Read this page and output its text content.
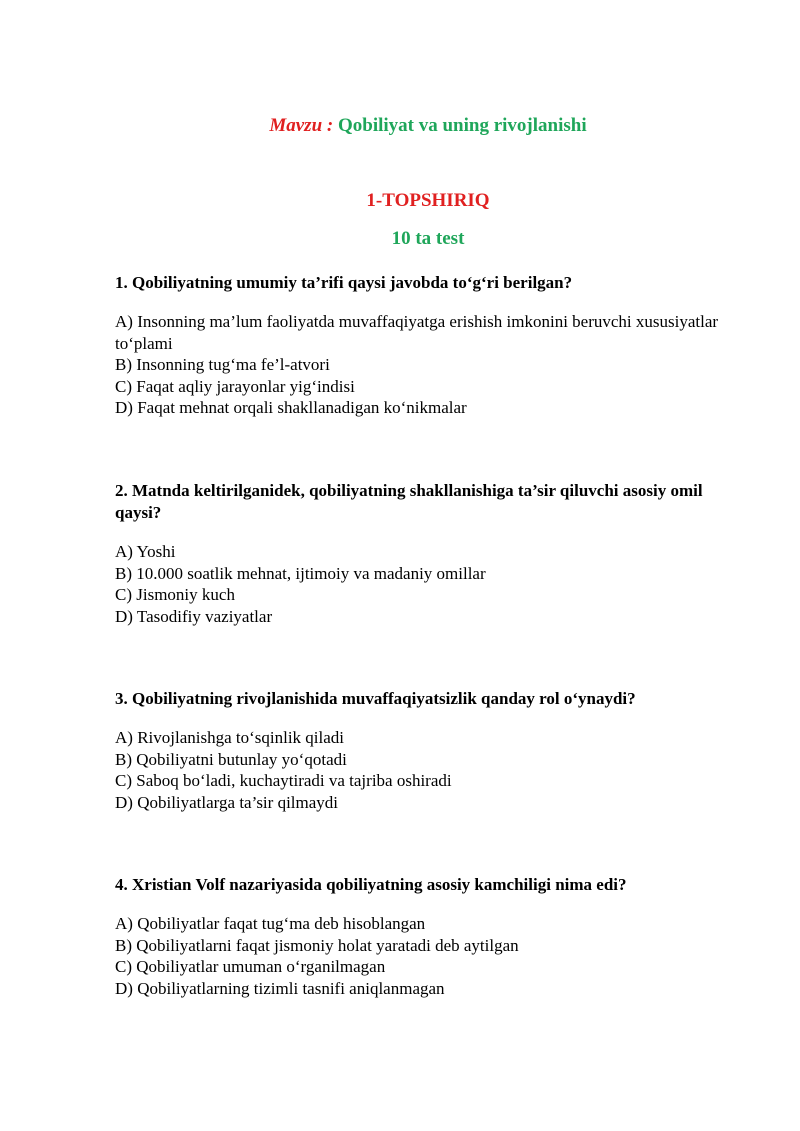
Mavzu : Qobiliyat va uning rivojlanishi
1-TOPSHIRIQ
10 ta test

1. Qobiliyatning umumiy ta’rifi qaysi javobda to‘g‘ri berilgan?

A) Insonning ma’lum faoliyatda muvaffaqiyatga erishish imkonini beruvchi xususiyatlar to‘plami
B) Insonning tug‘ma fe’l-atvori
C) Faqat aqliy jarayonlar yig‘indisi
D) Faqat mehnat orqali shakllanadigan ko‘nikmalar

2. Matnda keltirilganidek, qobiliyatning shakllanishiga ta’sir qiluvchi asosiy omil qaysi?

A) Yoshi
B) 10.000 soatlik mehnat, ijtimoiy va madaniy omillar
C) Jismoniy kuch
D) Tasodifiy vaziyatlar

3. Qobiliyatning rivojlanishida muvaffaqiyatsizlik qanday rol o‘ynaydi?

A) Rivojlanishga to‘sqinlik qiladi
B) Qobiliyatni butunlay yo‘qotadi
C) Saboq bo‘ladi, kuchaytiradi va tajriba oshiradi
D) Qobiliyatlarga ta’sir qilmaydi

4. Xristian Volf nazariyasida qobiliyatning asosiy kamchiligi nima edi?

A) Qobiliyatlar faqat tug‘ma deb hisoblangan
B) Qobiliyatlarni faqat jismoniy holat yaratadi deb aytilgan
C) Qobiliyatlar umuman o‘rganilmagan
D) Qobiliyatlarning tizimli tasnifi aniqlanmagan
